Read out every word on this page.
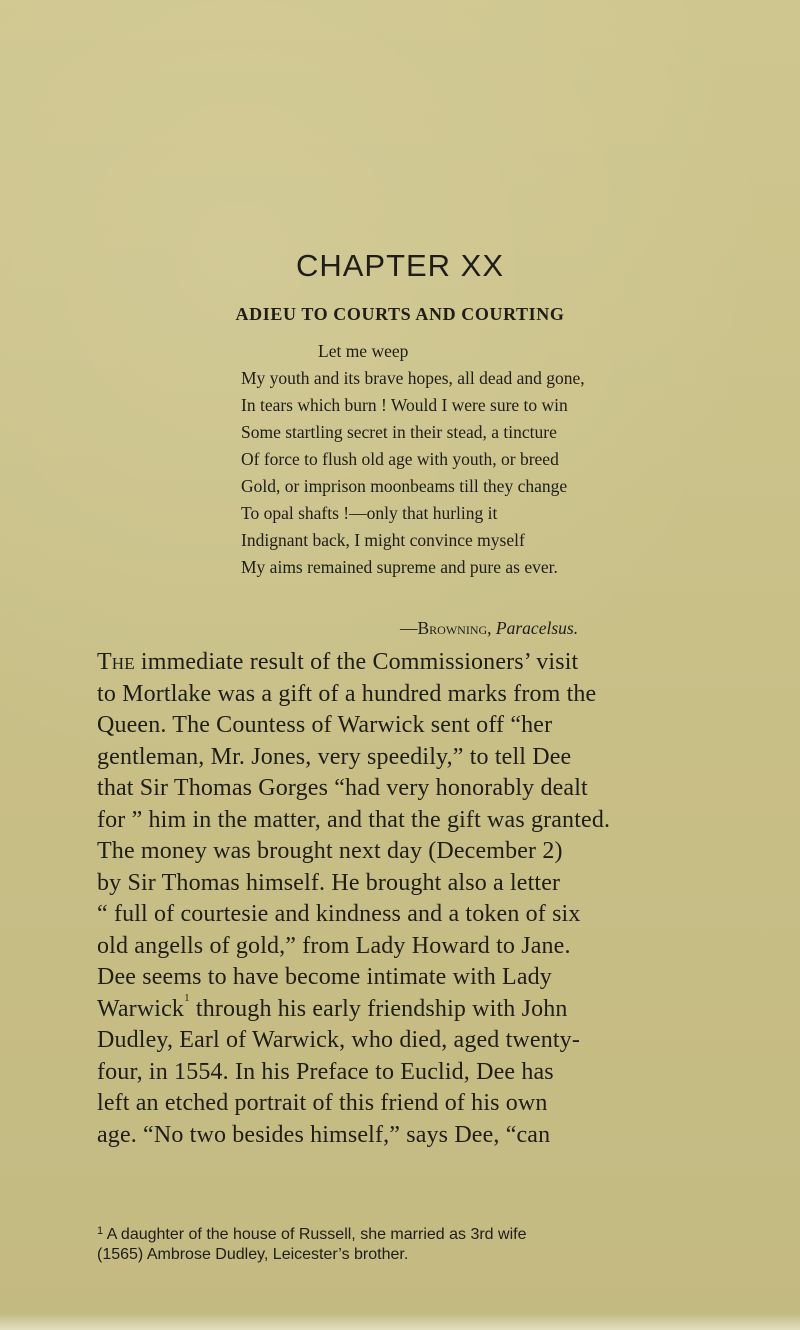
CHAPTER XX
ADIEU TO COURTS AND COURTING
Let me weep
My youth and its brave hopes, all dead and gone,
In tears which burn ! Would I were sure to win
Some startling secret in their stead, a tincture
Of force to flush old age with youth, or breed
Gold, or imprison moonbeams till they change
To opal shafts !—only that hurling it
Indignant back, I might convince myself
My aims remained supreme and pure as ever.
—Browning, Paracelsus.
The immediate result of the Commissioners’ visit
to Mortlake was a gift of a hundred marks from the
Queen. The Countess of Warwick sent off “her
gentleman, Mr. Jones, very speedily,” to tell Dee
that Sir Thomas Gorges “had very honorably dealt
for ” him in the matter, and that the gift was granted.
The money was brought next day (December 2)
by Sir Thomas himself. He brought also a letter
“ full of courtesie and kindness and a token of six
old angells of gold,” from Lady Howard to Jane.
Dee seems to have become intimate with Lady
Warwick$^1$ through his early friendship with John
Dudley, Earl of Warwick, who died, aged twenty-
four, in 1554. In his Preface to Euclid, Dee has
left an etched portrait of this friend of his own
age. “No two besides himself,” says Dee, “can
$^1$ A daughter of the house of Russell, she married as 3rd wife
(1565) Ambrose Dudley, Leicester’s brother.
